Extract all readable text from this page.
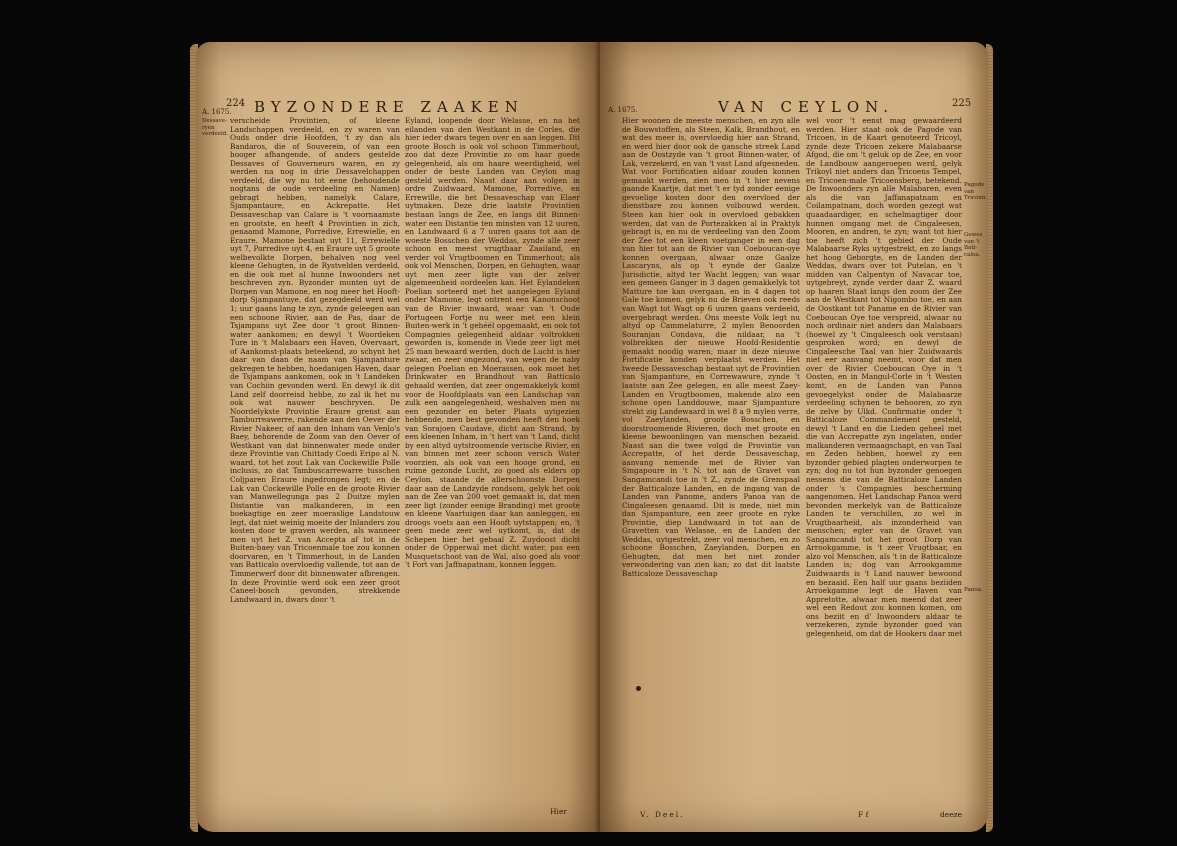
224 BYZONDERE ZAAKEN
A. 1675.
Dessave-ryen verdeeld.

verscheide Provintien, of kleene Landschappen verdeeld, en zy waren van Ouds onder drie Hoofden, 't zy dan als Bandaros, die of Souverein, of van een hooger afhangende, of anders gestelde Dessaves of Gouverneurs waren, en zy werden na nog in drie Dessavelchappen verdeeld, die wy nu tot eene (behoudende nogtans de oude verdeeling en Namen) gebragt hebben, namelyk Calare, Sjampantaure, en Ackrepatte. Het Dessaveschap van Calare is 't voornaamste en grootste, en heeft 4 Provintien in zich, genaamd Mamone, Porredive, Errewielle, en Eraure. Mamone bestaat uyt 11, Errewielle uyt 7, Porredive uyt 4, en Eraure uyt 5 groote welbevolkte Dorpen, behalven nog veel kleene Gehugten, in de Rystvelden verdeeld, en die ook met al hunne Inwoonders net beschreven zyn. Byzonder munten uyt de Dorpen van Mamone, en nog meer het Hooft-dorp Sjampantuye, dat gezegdeeld werd wel 1; uur gaans lang te zyn, zynde geleegen aan een schoone Rivier, aan de Pas, daar de Tsjampans uyt Zee door 't groot Binnen-water aankomen; en dewyl 't Woordeken Ture in 't Malabaars een Haven, Overvaart, of Aankomst-plaats beteekend, zo schynt het daar van daan de naam van Sjampanture gekregen te hebben, hoedanigen Haven, daar de Tsjampans aankomen, ook in 't Landeken van Cochiin gevonden werd. En dewyl ik dit Land zelf doorreisd hebbe, zo zal ik het nu ook wat nauwer beschryven. De Noordelykste Provintie Eraure grenst aan Tamburreawerre, rakende aan den Oever der Rivier Nakeer, of aan den Inham van Venlo's Baey, behorende de Zoom van den Oever of Westkant van dat binnenwater mede onder deze Provintie van Chittady Coedi Eripo al N. waard, tot het zout Lak van Cockewille Polle inclusis, zo dat Tambuscarrewarre tusschen Coljparen Eraure ingedrongen legt; en de Lak van Cockewille Polle en de groote Rivier van Manwellegunga pas 2 Duitze mylen Distantie van malkanderen, in een boekagtige en zeer moeraslige Landstouw legt, dat niet weinig moeite der Inlanders zou kosten door te graven werden, als wanneer men uyt het Z. van Accepta af tot in de Buiten-baey van Tricoenmale toe zou konnen doorvaren, en 't Timmerhout, in de Landen van Batticalo overvloedig vallende, tot aan de Timmerwerf door dit binnenwater afbrengen. In deze Provintie werd ook een zeer groot Caneel-bosch gevonden, strekkende Landwaard in, dwars door 't

Eyland, loopende door Welasse, en na het eilanden van den Westkant in de Corles, die hier ieder dwars tegen over en aan leggen. Dit groote Bosch is ook vol schoon Timmerhout, zoo dat deze Provintie zo om haar goede gelegenheid, als om haare weerdigheid, wel onder de beste Landen van Ceylon mag gesteld werden. Naast daar aan volgen in ordre Zuidwaard, Mamone, Porredive, en Errewille, die het Dessaveschap van Elaer uytmaken. Deze drie laatste Provintien bestaan langs de Zee, en langs dit Binnen-water een Distantie ten minsten van 12 uuren, en Landwaard 6 a 7 uuren gaans tot aan de woeste Bosschen der Weddas, zynde alle zeer schoon en meest vrugtbaar Zaailand, en verder vol Vrugtboomen en Timmerhout; als ook vol Menschen, Dorpen, en Gehugten, waar uyt men zeer ligte van der zelver algemeenheid oordeelen kan. Het Eylandeken Poelian sorteerd met het aangelegen Eyland onder Mamone, legt ontrent een Kanonschoot van de Rivier inwaard, waar van 't Oude Portugeen Fortje nu weer met een klein Buiten-werk in 't gehéél opgemaakt, en ook tot Compagnies gelegenheid aldaar voltrokken geworden is, komende in Viede zeer ligt met 25 man bewaard werden, doch de Lucht is hier zwaar, en zeer ongezond, van wegen de naby gelegen Poelian en Moerassen, ook moet het Drinkwater en Brandhout van Batticalo gehaald werden, dat zeer ongemakkelyk komt voor de Hoofdplaats van een Landschap van zulk een aangelegenheid, weshalven men nu een gezonder en beter Plaats uytgezien hebbende, men best gevonden heeft den hoek van Sorajoen Caudave, dicht aan Strand, by een kleenen Inham, in 't hert van 't Land, dicht by een altyd uytstroomende verische Rivier, en van binnen met zeer schoon versch Water voorzien, als ook van een hooge grond, en ruime gezonde Lucht, zo goed als elders op Ceylon, staande de allerschoonste Dorpen daar aan de Landzyde rondsom, gelyk het ook aan de Zee van 200 voet gemaakt is, dat men zeer ligt (zonder eenige Branding) met groote en kleene Vaartuigen daar kan aanleggen, en droogs voets aan een Hooft uytstappen; en, 't geen mede zeer wel uytkomt, is, dat de Schepen hier het gebaal Z. Zuydoost dicht onder de Opperwal met dicht water, pas een Musquetschoot van de Wal, also goed als voor 't Fort van Jaffnapatnam, konnen leggen.

Hier
A. 1675.	VAN CEYLON.	225

Hier woonen de meeste menschen, en zyn alle de Bouwstoffen, als Steen, Kalk, Brandhout, en wat des meer is, overvloedig hier aan Strand, en werd hier door ook de gansche streek Land aan de Oostzyde van 't groot Binnen-water, of Lak, verzekerd, en van 't vast Land afgesneden. Wat voor Fortificatien aldaar zouden konnen gemaakt werden, zien men in 't hier nevens gaande Kaartje, dat met 't er tyd zonder eenige gevoelige kosten door den overvloed der dienstbare zou konnen volbouwd werden. Steen kan hier ook in overvloed gebakken werden, dat van de Portezakken al in Praktyk gebragt is, en nu de verdeeling van den Zoom der Zee tot een kleen voetganger in een dag van hier tot aan de Rivier van Coeboucan-oye konnen overgaan, alwaar onze Gaalze Lascaryns, als op 't eynde der Gaalze Jurisdictie, altyd ter Wacht leggen; van waar een gemeen Ganger in 3 dagen gemakkelyk tot Matture toe kan overgaan, en in 4 dagen tot Gale toe komen, gelyk nu de Brieven ook reeds van Wagt tot Wagt op 6 uuren gaans verdeeld, overgebragt werden. Ons meeste Volk legt nu altyd op Cammelaturre, 2 mylen Benoorden Souranjan Condava, die nildaar, na 't volbrekken der nieuwe Hoofd-Residentie gemaakt noodig waren; maar in deze nieuwe Fortificatie konden verplaatst werden. Het tweede Dessaveschap bestaat uyt de Provintien van Sjampanture, en Correwawure, zynde 't laatste aan Zee gelegen, en alle meest Zaey-Landen en Vrugtboomen, makende alzo een schone open Landdouwe, maar Sjampanture strekt zig Landewaard in wel 8 a 9 mylen verre, vol Zaeylanden, groote Bosschen, en doorstroomende Rivieren, doch met groote en kleene bewoonlingen van menschen bezaeid. Naast aan die twee volgd de Provintie van Accrepatte, of het derde Dessaveschap, aanvang nemende met de Rivier van Singapoure in 't N. tot aan de Gravet van Sangamcandi toe in 't Z., zynde de Grenspaal der Batticaloze Landen, en de ingang van de Landen van Panome, anders Panoa van de Cingaleesen genaamd. Dit is mede, niet min dan Sjampanture, een zeer groote en ryke Provintie, diep Landwaard in tot aan de Gravetten van Welasse, en de Landen der Weddas, uytgestrekt, zeer vol menschen, en zo schoone Bosschen, Zaeylanden, Dorpen en Gehugten, dat men het niet zonder verwondering van zien kan; zo dat dit laatste Batticaloze Dessaveschap

wel voor 't eenst mag gewaardeerd werden. Hier staat ook de Pagode van Tricoen, in de Kaart genoteerd Tricoyl, zynde deze Tricoen zekere Malabaarse Afgod, die om 't geluk op de Zee, en voor de Landbouw aangeroepen werd, gelyk Trikoyl niet anders dan Tricoens Tempel, en Tricoen-male Tricoensberg, betekend. De Inwoonders zyn alle Malabaren, even als die van Jaffanapatnam en Coilampatnam, doch worden gezegt wat quaadaardiger, en schelmagtiger door hunnen omgang met de Cingaleesen, Mooren, en andren, te zyn; want tot hier toe heeft zich 't gebied der Oude Malabaarse Ryks uytgestrekt, en zo langs het hoog Geborgte, en de Landen der Weddas, dwars over tot Putelan, en 't midden van Calpentyn of Navacar toe, uytgebreyt, zynde verder daar Z. waard op haaren Staat langs den zoom der Zee aan de Westkant tot Nigombo toe, en aan de Oostkant tot Paname en de Rivier van Coeboucan Oye toe verspreid, alwaar nu noch ordinair niet anders dan Malabaars (hoewel zy 't Cingaleesch ook verstaan) gesproken word; en dewyl de Cingaleesche Taal van hier Zuidwaards niet eer aanvang neemt, voor dat men over de Rivier Coeboucan Oye in 't Oosten, en in Mangul-Corle in 't Westen komt, en de Landen van Panoa gevoegelykst onder de Malabaarze verdeeling schynen te behooren, zo zyn de zelve by Ulkd. Confirmatie onder 't Batticaloze Commandement gesteld, dewyl 't Land en die Lieden geheel met die van Accrepatte zyn ingelaten, onder malkanderen vermaagschapt, en van Taal en Zeden hebben, hoewel zy een byzonder gebied plagten onderworpen te zyn; dog nu tot hun byzonder genoegen nessens die van de Batticaloze Landen onder 's Compagnies bescherming aangenomen. Het Landschap Panoa werd bevonden merkelyk van de Batticaloze Landen te verschillen, zo wel in Vrugtbaarheid, als inzonderheid van menschen; egter van de Gravet van Sangamcandi tot het groot Dorp van Arrookgamme, is 't zeer Vrugtbaar, en alzo vol Menschen, als 't in de Batticaloze Landen is; dog van Arrookgamme Zuidwaards is 't Land nauwer bewoond en bezaaid. Een half uur gaans beziiden Arroekgamme legt de Haven van Appretotte, alwaar men meend dat zeer wel een Redout zou konnen komen, om ons beziit en d' Inwoonders aldaar te verzekeren, zynde byzonder goed van gelegenheid, om dat de Hookers daar met

Pagode van Tricoen.
Gewes van 't Bati-caloa.
Panoa.
V. Deel.	F f	deeze
